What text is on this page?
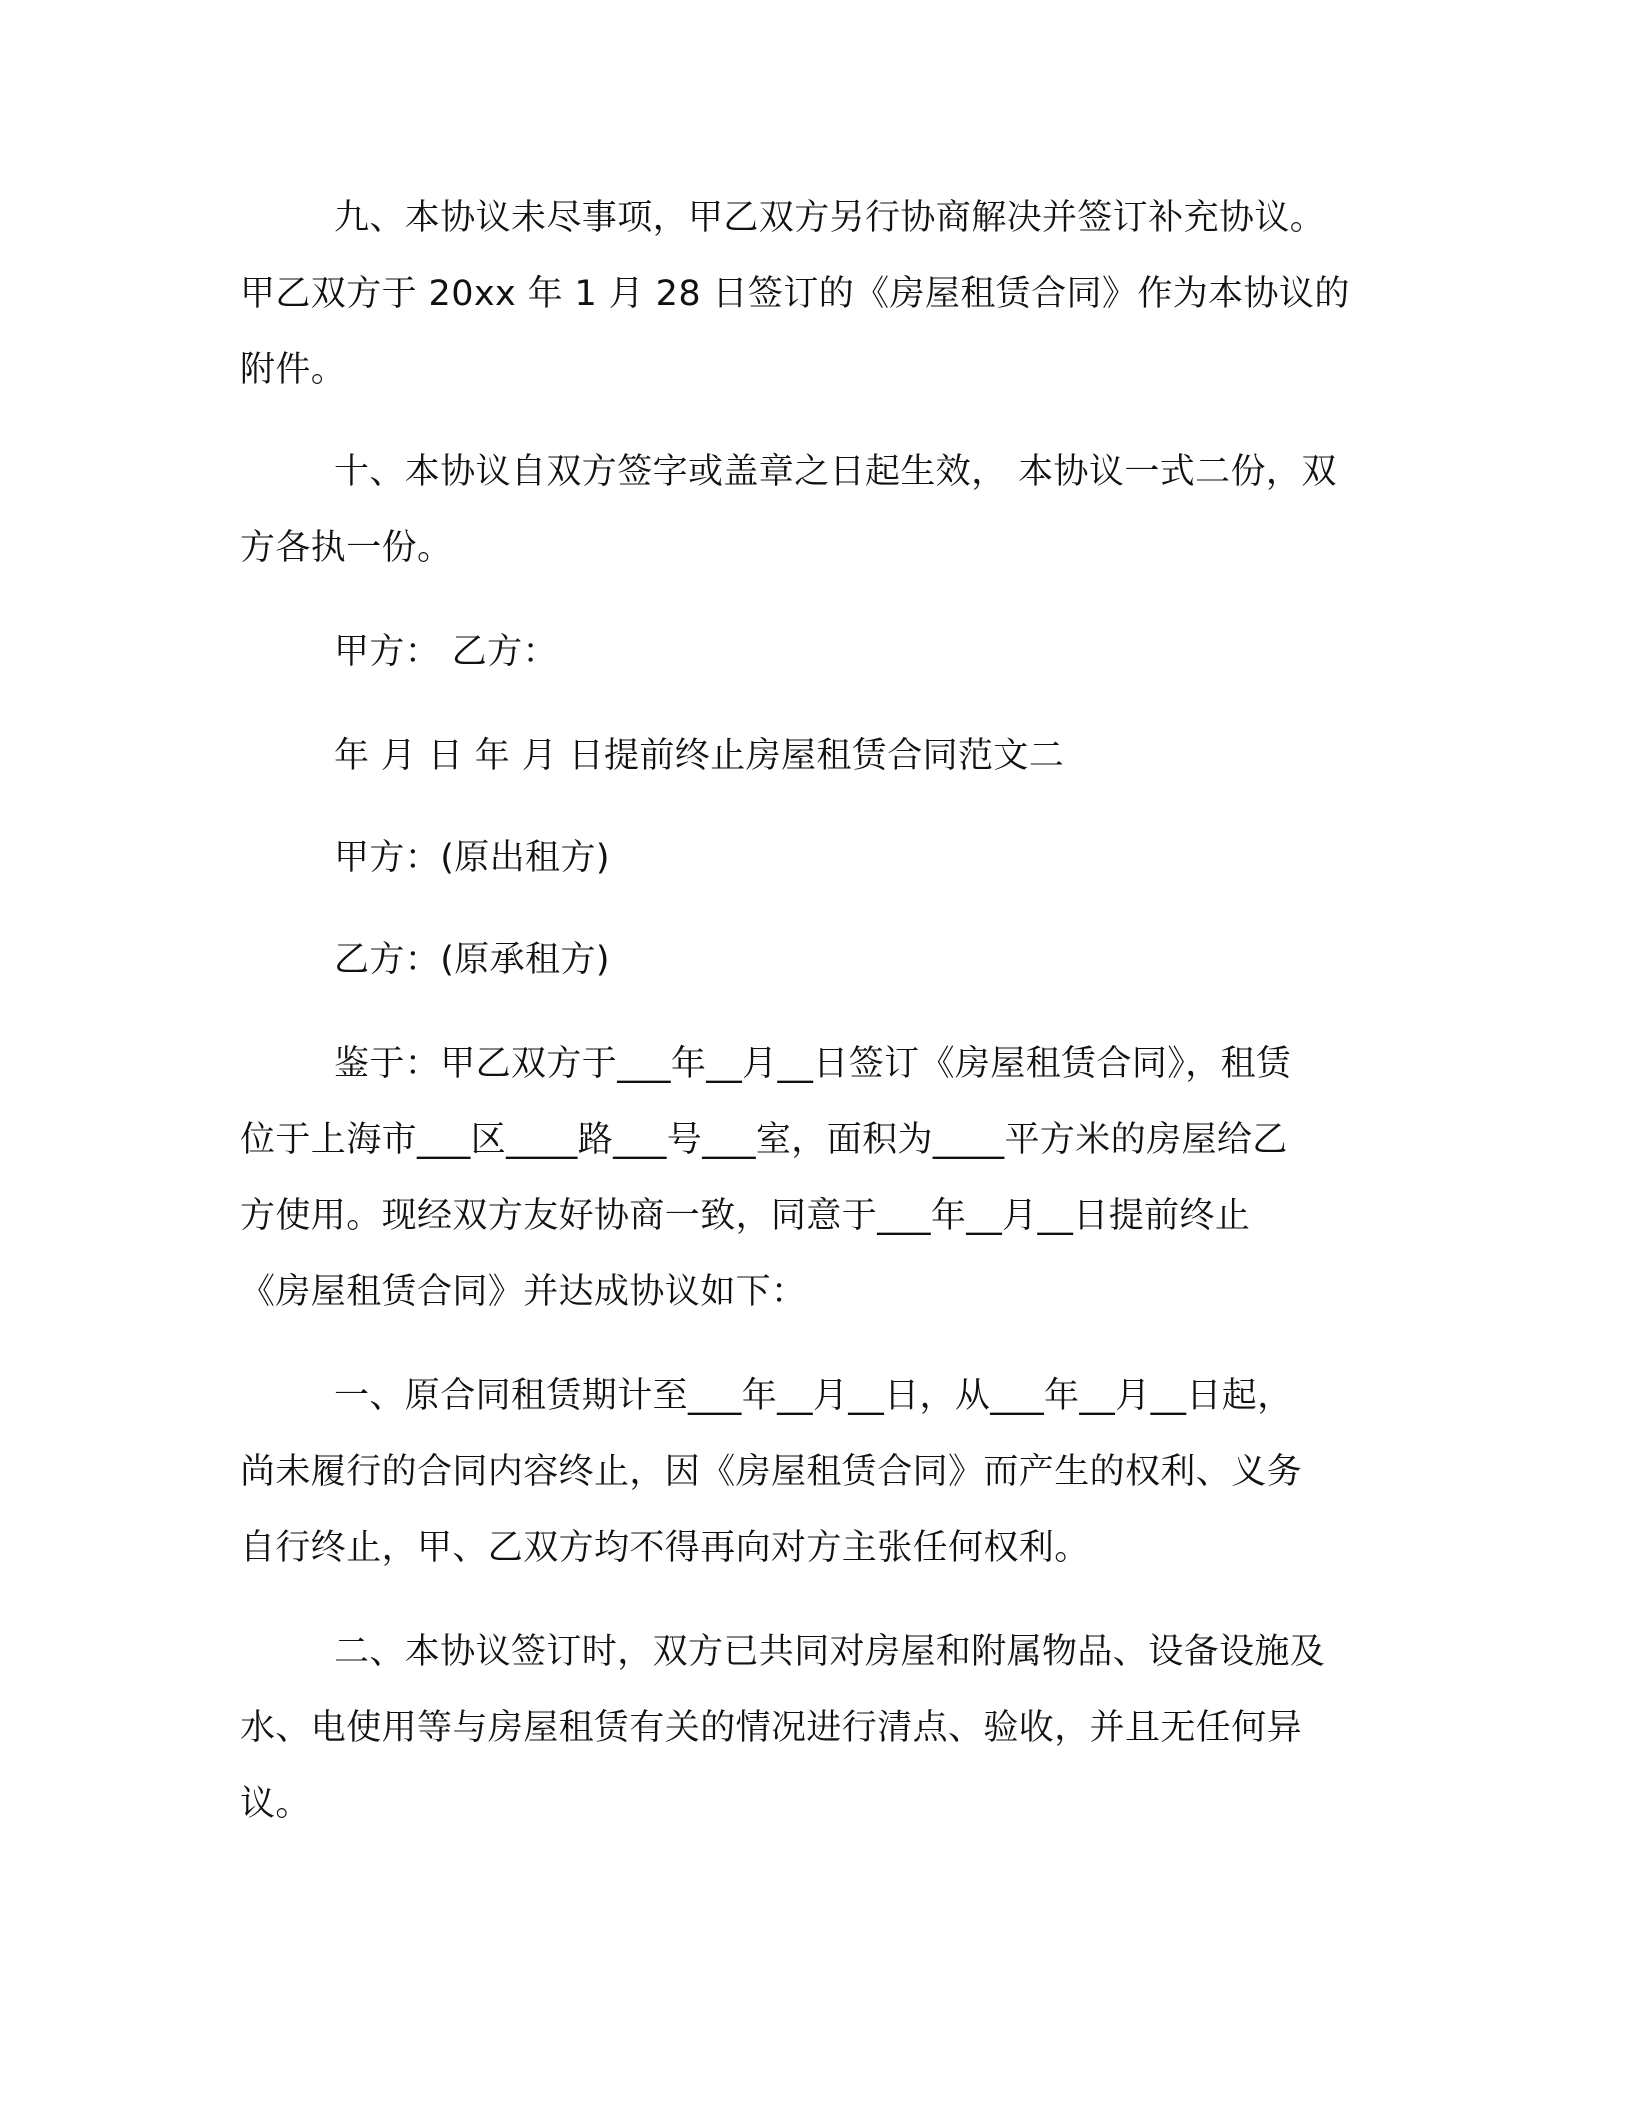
九、本协议未尽事项，甲乙双方另行协商解决并签订补充协议。
甲乙双方于 20xx 年 1 月 28 日签订的《房屋租赁合同》作为本协议的
附件。
十、本协议自双方签字或盖章之日起生效， 本协议一式二份，双
方各执一份。
甲方： 乙方：
年 月 日 年 月 日提前终止房屋租赁合同范文二
甲方：(原出租方)
乙方：(原承租方)
鉴于：甲乙双方于___年__月__日签订《房屋租赁合同》，租赁
位于上海市___区____路___号___室，面积为____平方米的房屋给乙
方使用。现经双方友好协商一致，同意于___年__月__日提前终止
《房屋租赁合同》并达成协议如下：
一、原合同租赁期计至___年__月__日，从___年__月__日起，
尚未履行的合同内容终止，因《房屋租赁合同》而产生的权利、义务
自行终止，甲、乙双方均不得再向对方主张任何权利。
二、本协议签订时，双方已共同对房屋和附属物品、设备设施及
水、电使用等与房屋租赁有关的情况进行清点、验收，并且无任何异
议。
